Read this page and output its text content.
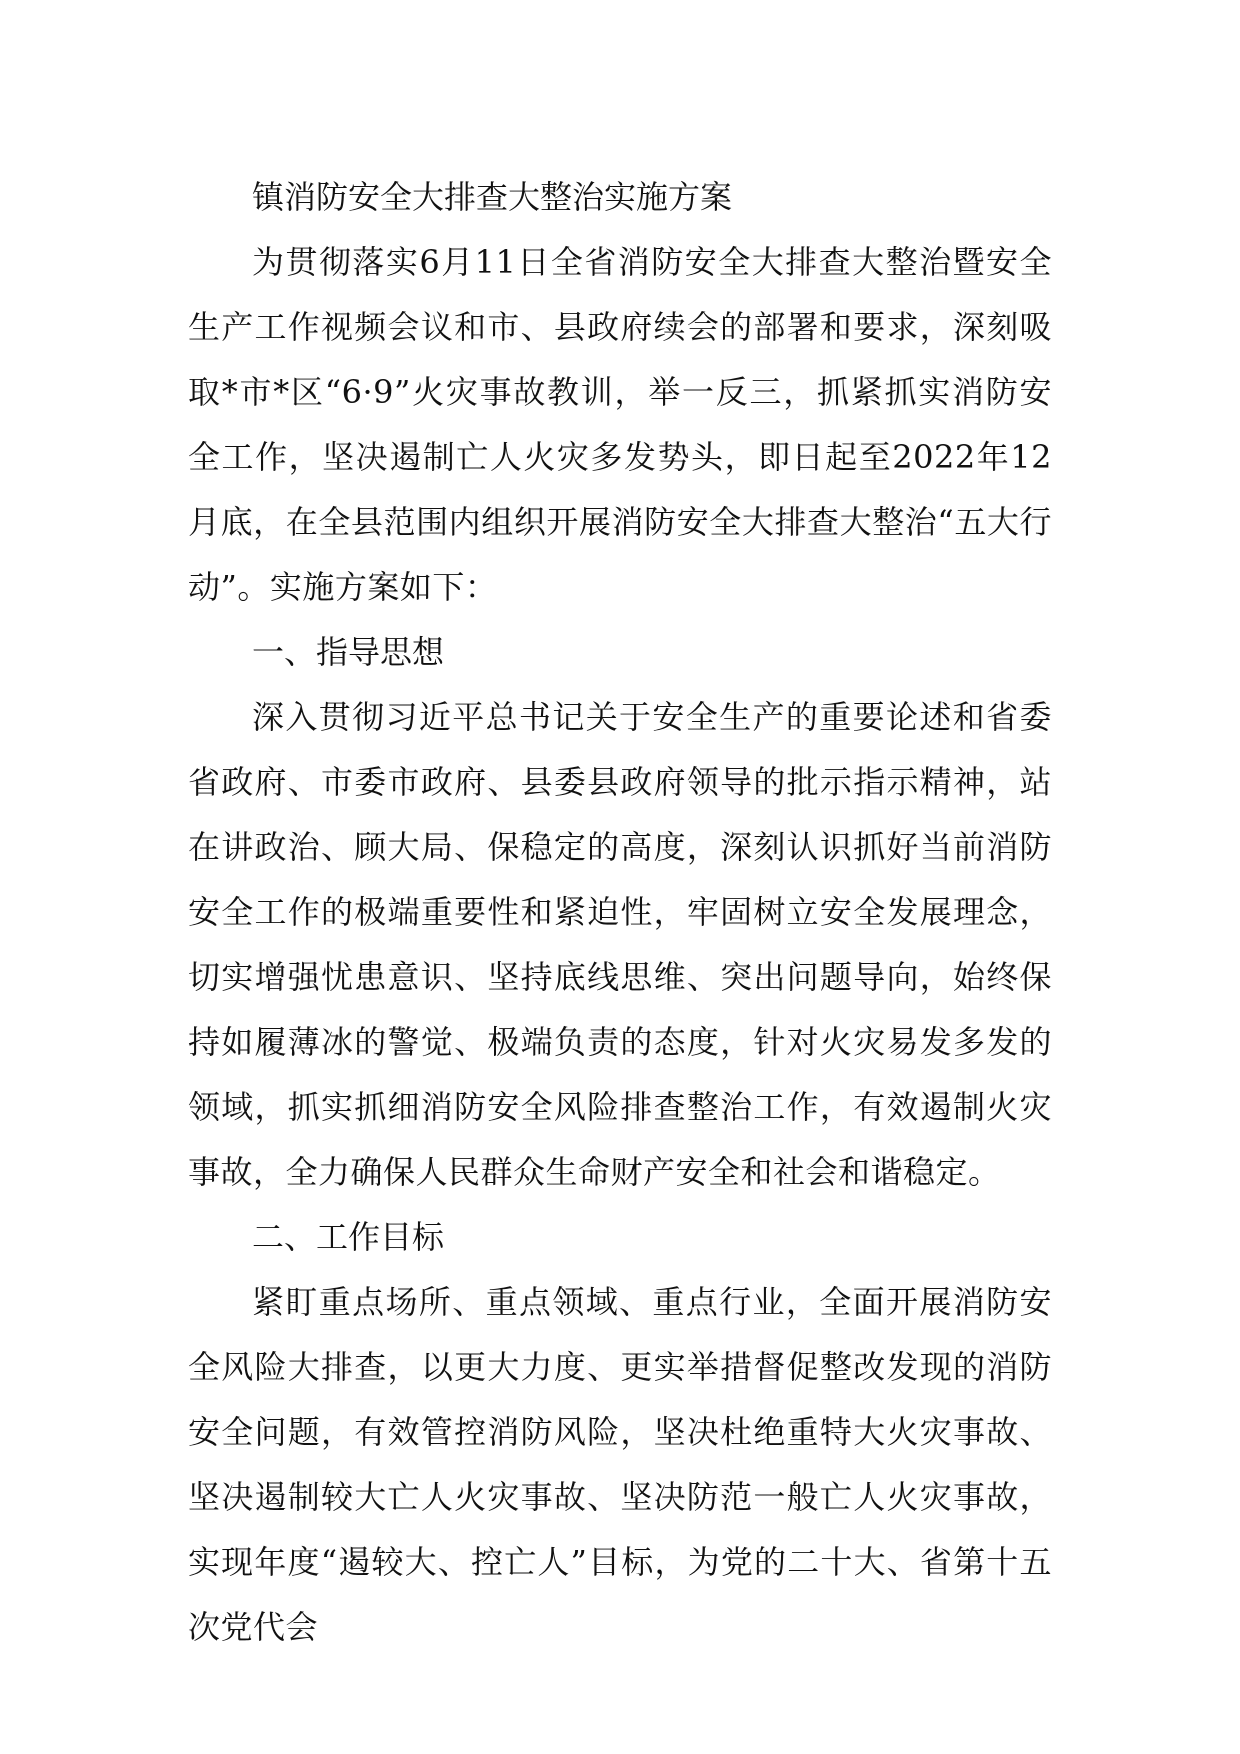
镇消防安全大排查大整治实施方案

为贯彻落实6月11日全省消防安全大排查大整治暨安全生产工作视频会议和市、县政府续会的部署和要求，深刻吸取*市*区“6·9”火灾事故教训，举一反三，抓紧抓实消防安全工作，坚决遏制亡人火灾多发势头，即日起至2022年12月底，在全县范围内组织开展消防安全大排查大整治“五大行动”。实施方案如下：

一、指导思想

深入贯彻习近平总书记关于安全生产的重要论述和省委省政府、市委市政府、县委县政府领导的批示指示精神，站在讲政治、顾大局、保稳定的高度，深刻认识抓好当前消防安全工作的极端重要性和紧迫性，牢固树立安全发展理念，切实增强忧患意识、坚持底线思维、突出问题导向，始终保持如履薄冰的警觉、极端负责的态度，针对火灾易发多发的领域，抓实抓细消防安全风险排查整治工作，有效遏制火灾事故，全力确保人民群众生命财产安全和社会和谐稳定。

二、工作目标

紧盯重点场所、重点领域、重点行业，全面开展消防安全风险大排查，以更大力度、更实举措督促整改发现的消防安全问题，有效管控消防风险，坚决杜绝重特大火灾事故、坚决遏制较大亡人火灾事故、坚决防范一般亡人火灾事故，实现年度“遏较大、控亡人”目标，为党的二十大、省第十五次党代会
